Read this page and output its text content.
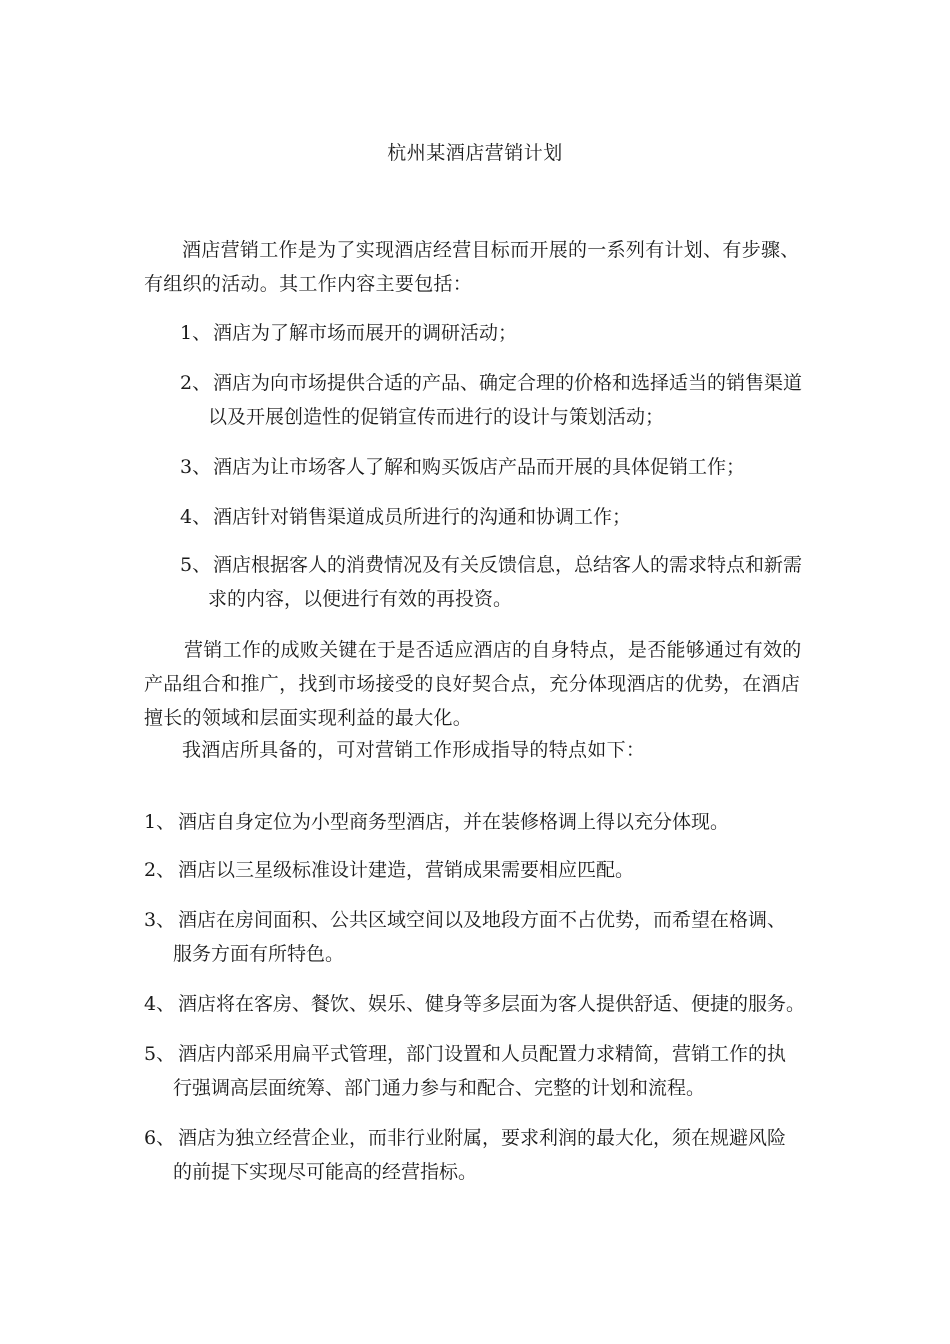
杭州某酒店营销计划
酒店营销工作是为了实现酒店经营目标而开展的一系列有计划、有步骤、
有组织的活动。其工作内容主要包括：
1、 酒店为了解市场而展开的调研活动；
2、 酒店为向市场提供合适的产品、确定合理的价格和选择适当的销售渠道
以及开展创造性的促销宣传而进行的设计与策划活动；
3、 酒店为让市场客人了解和购买饭店产品而开展的具体促销工作；
4、 酒店针对销售渠道成员所进行的沟通和协调工作；
5、 酒店根据客人的消费情况及有关反馈信息，总结客人的需求特点和新需
求的内容，以便进行有效的再投资。
营销工作的成败关键在于是否适应酒店的自身特点，是否能够通过有效的
产品组合和推广，找到市场接受的良好契合点，充分体现酒店的优势，在酒店
擅长的领域和层面实现利益的最大化。
我酒店所具备的，可对营销工作形成指导的特点如下：
1、 酒店自身定位为小型商务型酒店，并在装修格调上得以充分体现。
2、 酒店以三星级标准设计建造，营销成果需要相应匹配。
3、 酒店在房间面积、公共区域空间以及地段方面不占优势，而希望在格调、
服务方面有所特色。
4、 酒店将在客房、餐饮、娱乐、健身等多层面为客人提供舒适、便捷的服务。
5、 酒店内部采用扁平式管理，部门设置和人员配置力求精简，营销工作的执
行强调高层面统筹、部门通力参与和配合、完整的计划和流程。
6、 酒店为独立经营企业，而非行业附属，要求利润的最大化，须在规避风险
的前提下实现尽可能高的经营指标。
